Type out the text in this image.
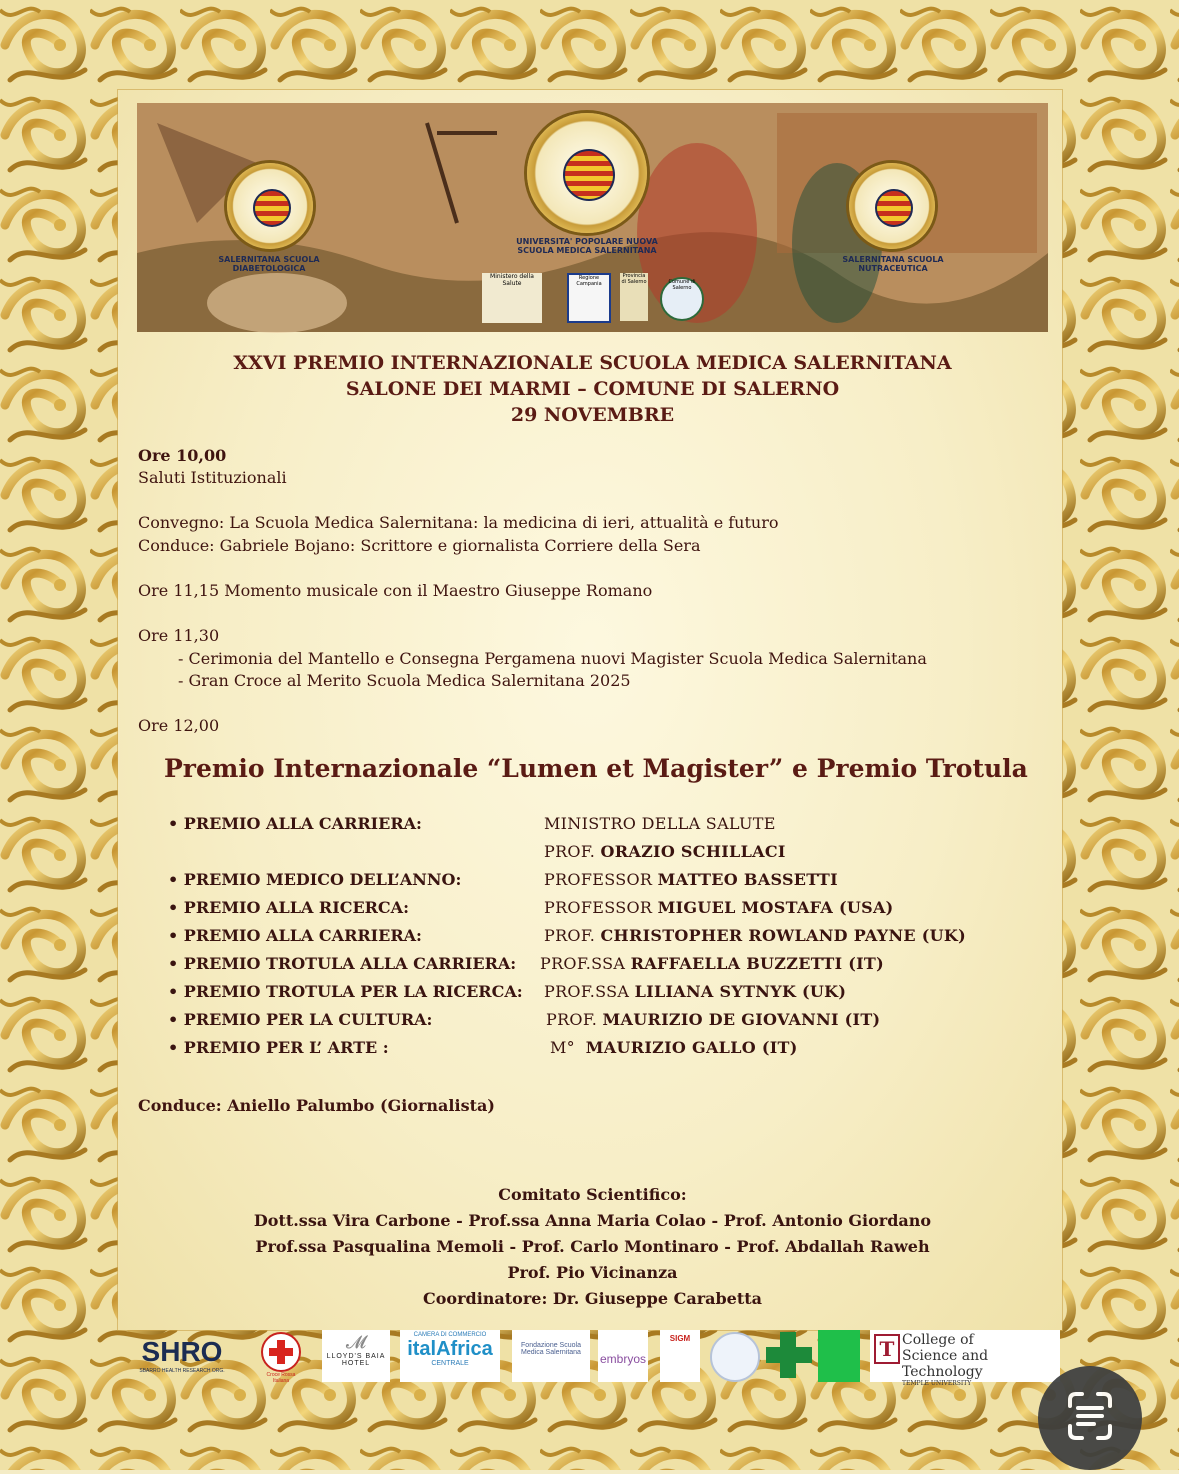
SALERNITANA SCUOLA DIABETOLOGICA
UNIVERSITA' POPOLARE NUOVA SCUOLA MEDICA SALERNITANA
SALERNITANA SCUOLA NUTRACEUTICA
Ministero della Salute
Regione Campania
Provincia di Salerno	Comune di Salerno
XXVI PREMIO INTERNAZIONALE SCUOLA MEDICA SALERNITANA
SALONE DEI MARMI – COMUNE DI SALERNO
29 NOVEMBRE
Ore 10,00
Saluti Istituzionali
Convegno: La Scuola Medica Salernitana: la medicina di ieri, attualità e futuro
Conduce: Gabriele Bojano: Scrittore e giornalista Corriere della Sera
Ore 11,15 Momento musicale con il Maestro Giuseppe Romano
Ore 11,30
- Cerimonia del Mantello e Consegna Pergamena nuovi Magister Scuola Medica Salernitana
- Gran Croce al Merito Scuola Medica Salernitana 2025
Ore 12,00
Premio Internazionale “Lumen et Magister” e Premio Trotula
• PREMIO ALLA CARRIERA:	MINISTRO DELLA SALUTE
PROF. ORAZIO SCHILLACI
• PREMIO MEDICO DELL’ANNO:	PROFESSOR MATTEO BASSETTI
• PREMIO ALLA RICERCA:	PROFESSOR MIGUEL MOSTAFA (USA)
• PREMIO ALLA CARRIERA:	PROF. CHRISTOPHER ROWLAND PAYNE (UK)
• PREMIO TROTULA ALLA CARRIERA: PROF.SSA RAFFAELLA BUZZETTI (IT)
• PREMIO TROTULA PER LA RICERCA: PROF.SSA LILIANA SYTNYK (UK)
• PREMIO PER LA CULTURA:	PROF. MAURIZIO DE GIOVANNI (IT)
• PREMIO PER L’ ARTE :	M° MAURIZIO GALLO (IT)
Conduce: Aniello Palumbo (Giornalista)
Comitato Scientifico:
Dott.ssa Vira Carbone - Prof.ssa Anna Maria Colao - Prof. Antonio Giordano
Prof.ssa Pasqualina Memoli - Prof. Carlo Montinaro - Prof. Abdallah Raweh
Prof. Pio Vicinanza
Coordinatore: Dr. Giuseppe Carabetta
SHRO
SBARRO HEALTH RESEARCH ORG.
Croce Rossa Italiana
𝓜
LLOYD'S BAIA HOTEL
CAMERA DI COMMERCIO
italAfrica
CENTRALE
Fondazione Scuola Medica Salernitana	embryos
SIGM	T College of
Science and Technology
TEMPLE UNIVERSITY
